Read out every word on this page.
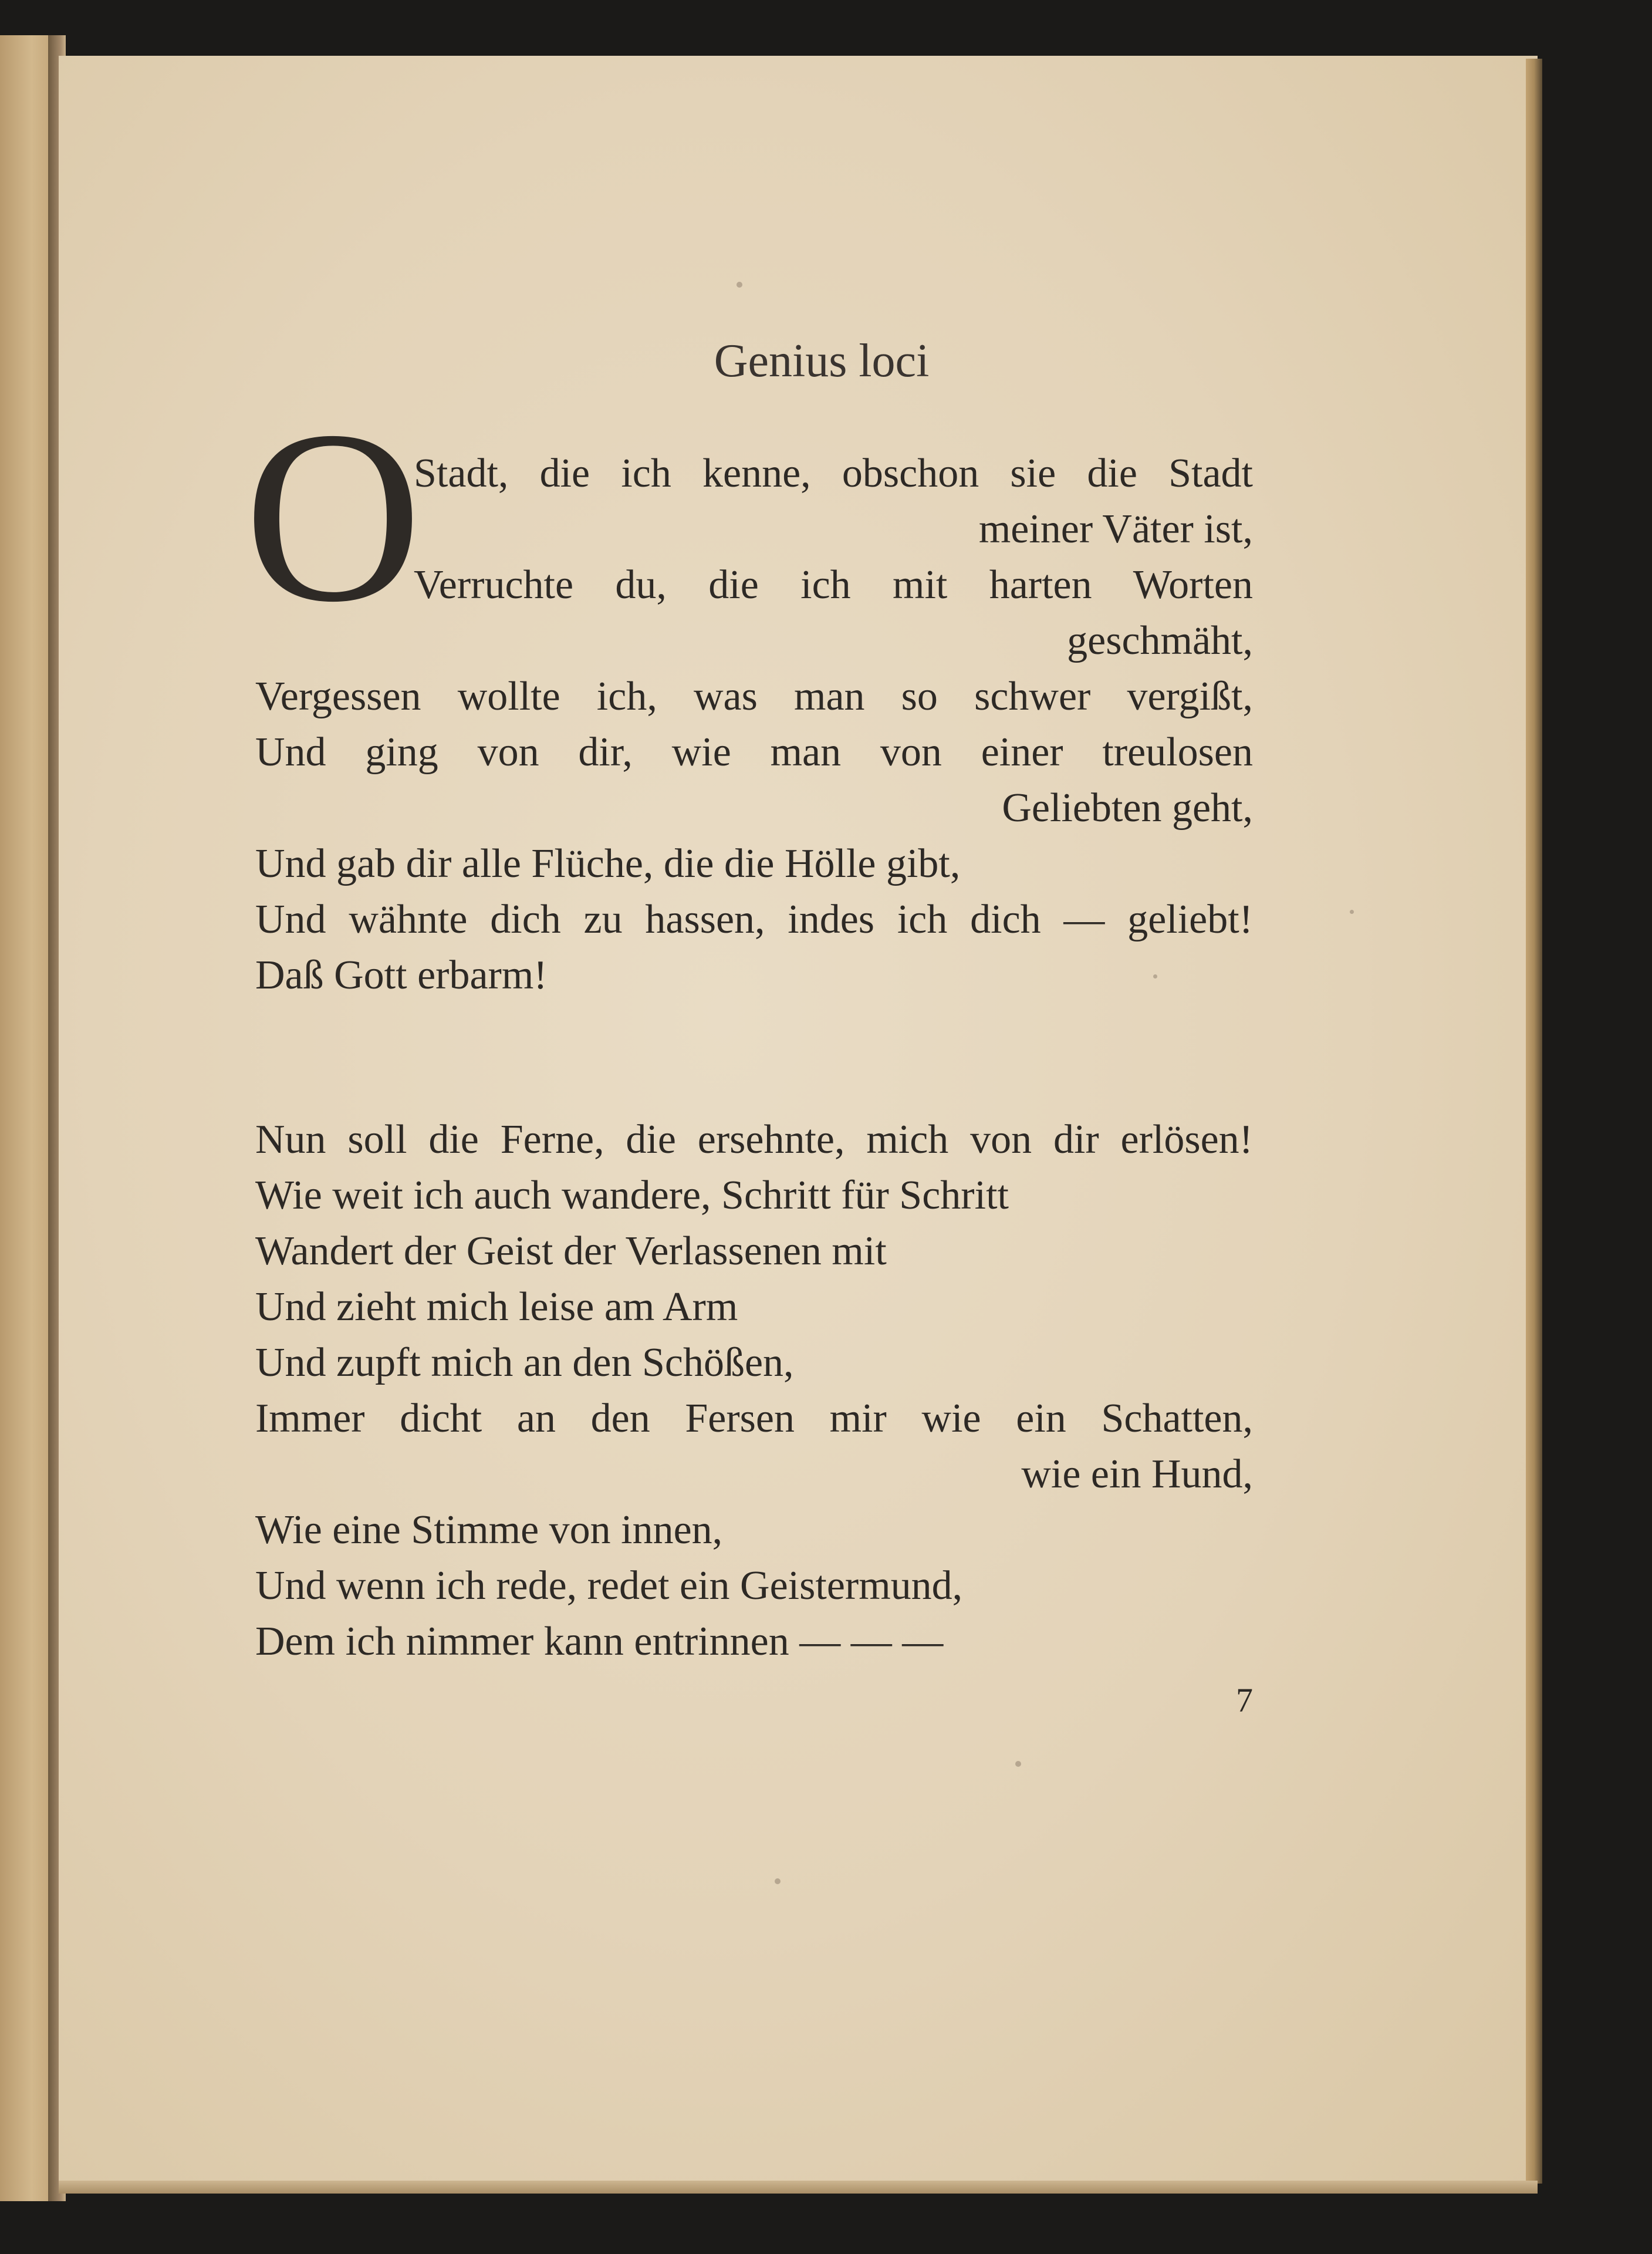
Genius loci
O
Stadt, die ich kenne, obschon sie die Stadt
meiner Väter ist,
Verruchte du, die ich mit harten Worten
geschmäht,
Vergessen wollte ich, was man so schwer vergißt,
Und ging von dir, wie man von einer treulosen
Geliebten geht,
Und gab dir alle Flüche, die die Hölle gibt,
Und wähnte dich zu hassen, indes ich dich — geliebt!
Daß Gott erbarm!
Nun soll die Ferne, die ersehnte, mich von dir erlösen!
Wie weit ich auch wandere, Schritt für Schritt
Wandert der Geist der Verlassenen mit
Und zieht mich leise am Arm
Und zupft mich an den Schößen,
Immer dicht an den Fersen mir wie ein Schatten,
wie ein Hund,
Wie eine Stimme von innen,
Und wenn ich rede, redet ein Geistermund,
Dem ich nimmer kann entrinnen — — —
7
